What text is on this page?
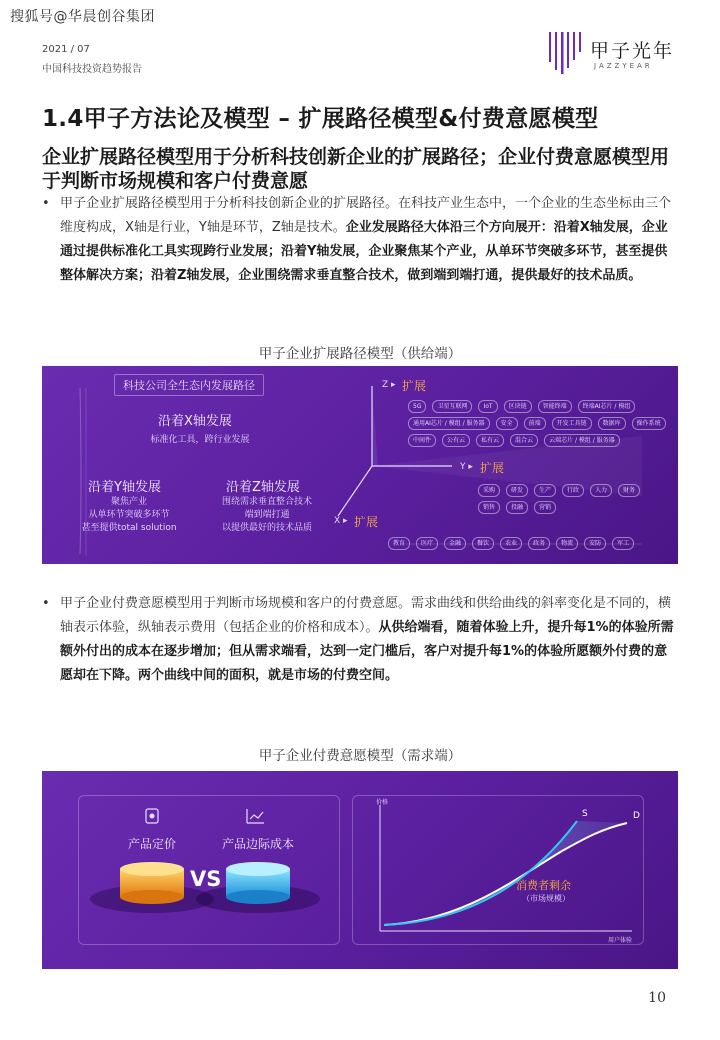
搜狐号@华晨创谷集团
2021 / 07
中国科技投资趋势报告
甲子光年
JAZZYEAR
1.4甲子方法论及模型 – 扩展路径模型&付费意愿模型
企业扩展路径模型用于分析科技创新企业的扩展路径；企业付费意愿模型用于判断市场规模和客户付费意愿
• 甲子企业扩展路径模型用于分析科技创新企业的扩展路径。在科技产业生态中，一个企业的生态坐标由三个维度构成，X轴是行业，Y轴是环节，Z轴是技术。企业发展路径大体沿三个方向展开：沿着X轴发展，企业通过提供标准化工具实现跨行业发展；沿着Y轴发展，企业聚焦某个产业，从单环节突破多环节，甚至提供整体解决方案；沿着Z轴发展，企业围绕需求垂直整合技术，做到端到端打通，提供最好的技术品质。
甲子企业扩展路径模型（供给端）
科技公司全生态内发展路径
沿着X轴发展
标准化工具，跨行业发展
沿着Y轴发展
聚焦产业
从单环节突破多环节
甚至提供total solution
沿着Z轴发展
围绕需求垂直整合技术
端到端打通
以提供最好的技术品质
Z ▸ 扩展
Y ▸ 扩展
X ▸ 扩展
5G	卫星互联网	IoT	区块链	智能终端	终端AI芯片 / 模组
通用AI芯片 / 模组 / 服务器	安全	前端	开发工具链	数据库	操作系统
中间件	公有云	私有云	混合云	云端芯片 / 模组 / 服务器
采购	研发	生产	行政	人力	财务
销售	投融	营销
教育	医疗	金融	餐饮	农业	政务	物流	安防	军工
• 甲子企业付费意愿模型用于判断市场规模和客户的付费意愿。需求曲线和供给曲线的斜率变化是不同的，横轴表示体验，纵轴表示费用（包括企业的价格和成本）。从供给端看，随着体验上升，提升每1%的体验所需额外付出的成本在逐步增加；但从需求端看，达到一定门槛后，客户对提升每1%的体验所愿额外付费的意愿却在下降。两个曲线中间的面积，就是市场的付费空间。
甲子企业付费意愿模型（需求端）
产品定价	产品边际成本
VS
价格
用户体验
S	D
消费者剩余
（市场规模）
10
